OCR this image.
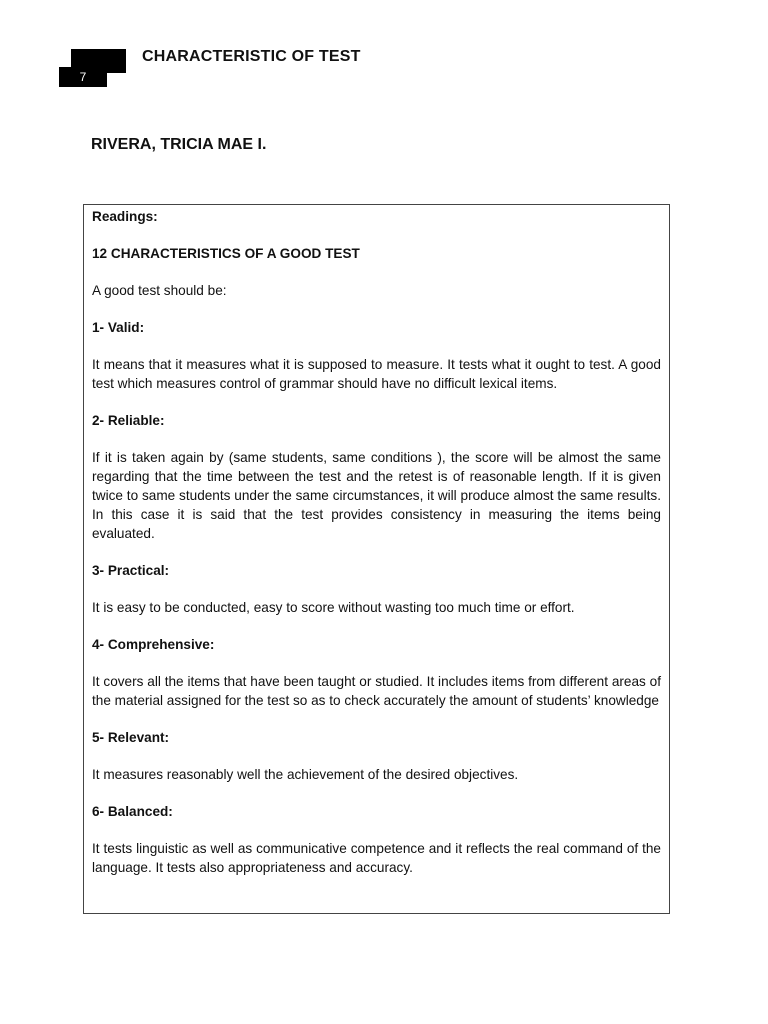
7
CHARACTERISTIC OF TEST
RIVERA, TRICIA MAE I.

Readings:

12 CHARACTERISTICS OF A GOOD TEST

A good test should be:

1- Valid:

It means that it measures what it is supposed to measure. It tests what it ought to test. A good test which measures control of grammar should have no difficult lexical items.

2- Reliable:

If it is taken again by (same students, same conditions ), the score will be almost the same regarding that the time between the test and the retest is of reasonable length. If it is given twice to same students under the same circumstances, it will produce almost the same results. In this case it is said that the test provides consistency in measuring the items being evaluated.

3- Practical:

It is easy to be conducted, easy to score without wasting too much time or effort.

4- Comprehensive:

It covers all the items that have been taught or studied. It includes items from different areas of the material assigned for the test so as to check accurately the amount of students’ knowledge

5- Relevant:

It measures reasonably well the achievement of the desired objectives.

6- Balanced:

It tests linguistic as well as communicative competence and it reflects the real command of the language. It tests also appropriateness and accuracy.
